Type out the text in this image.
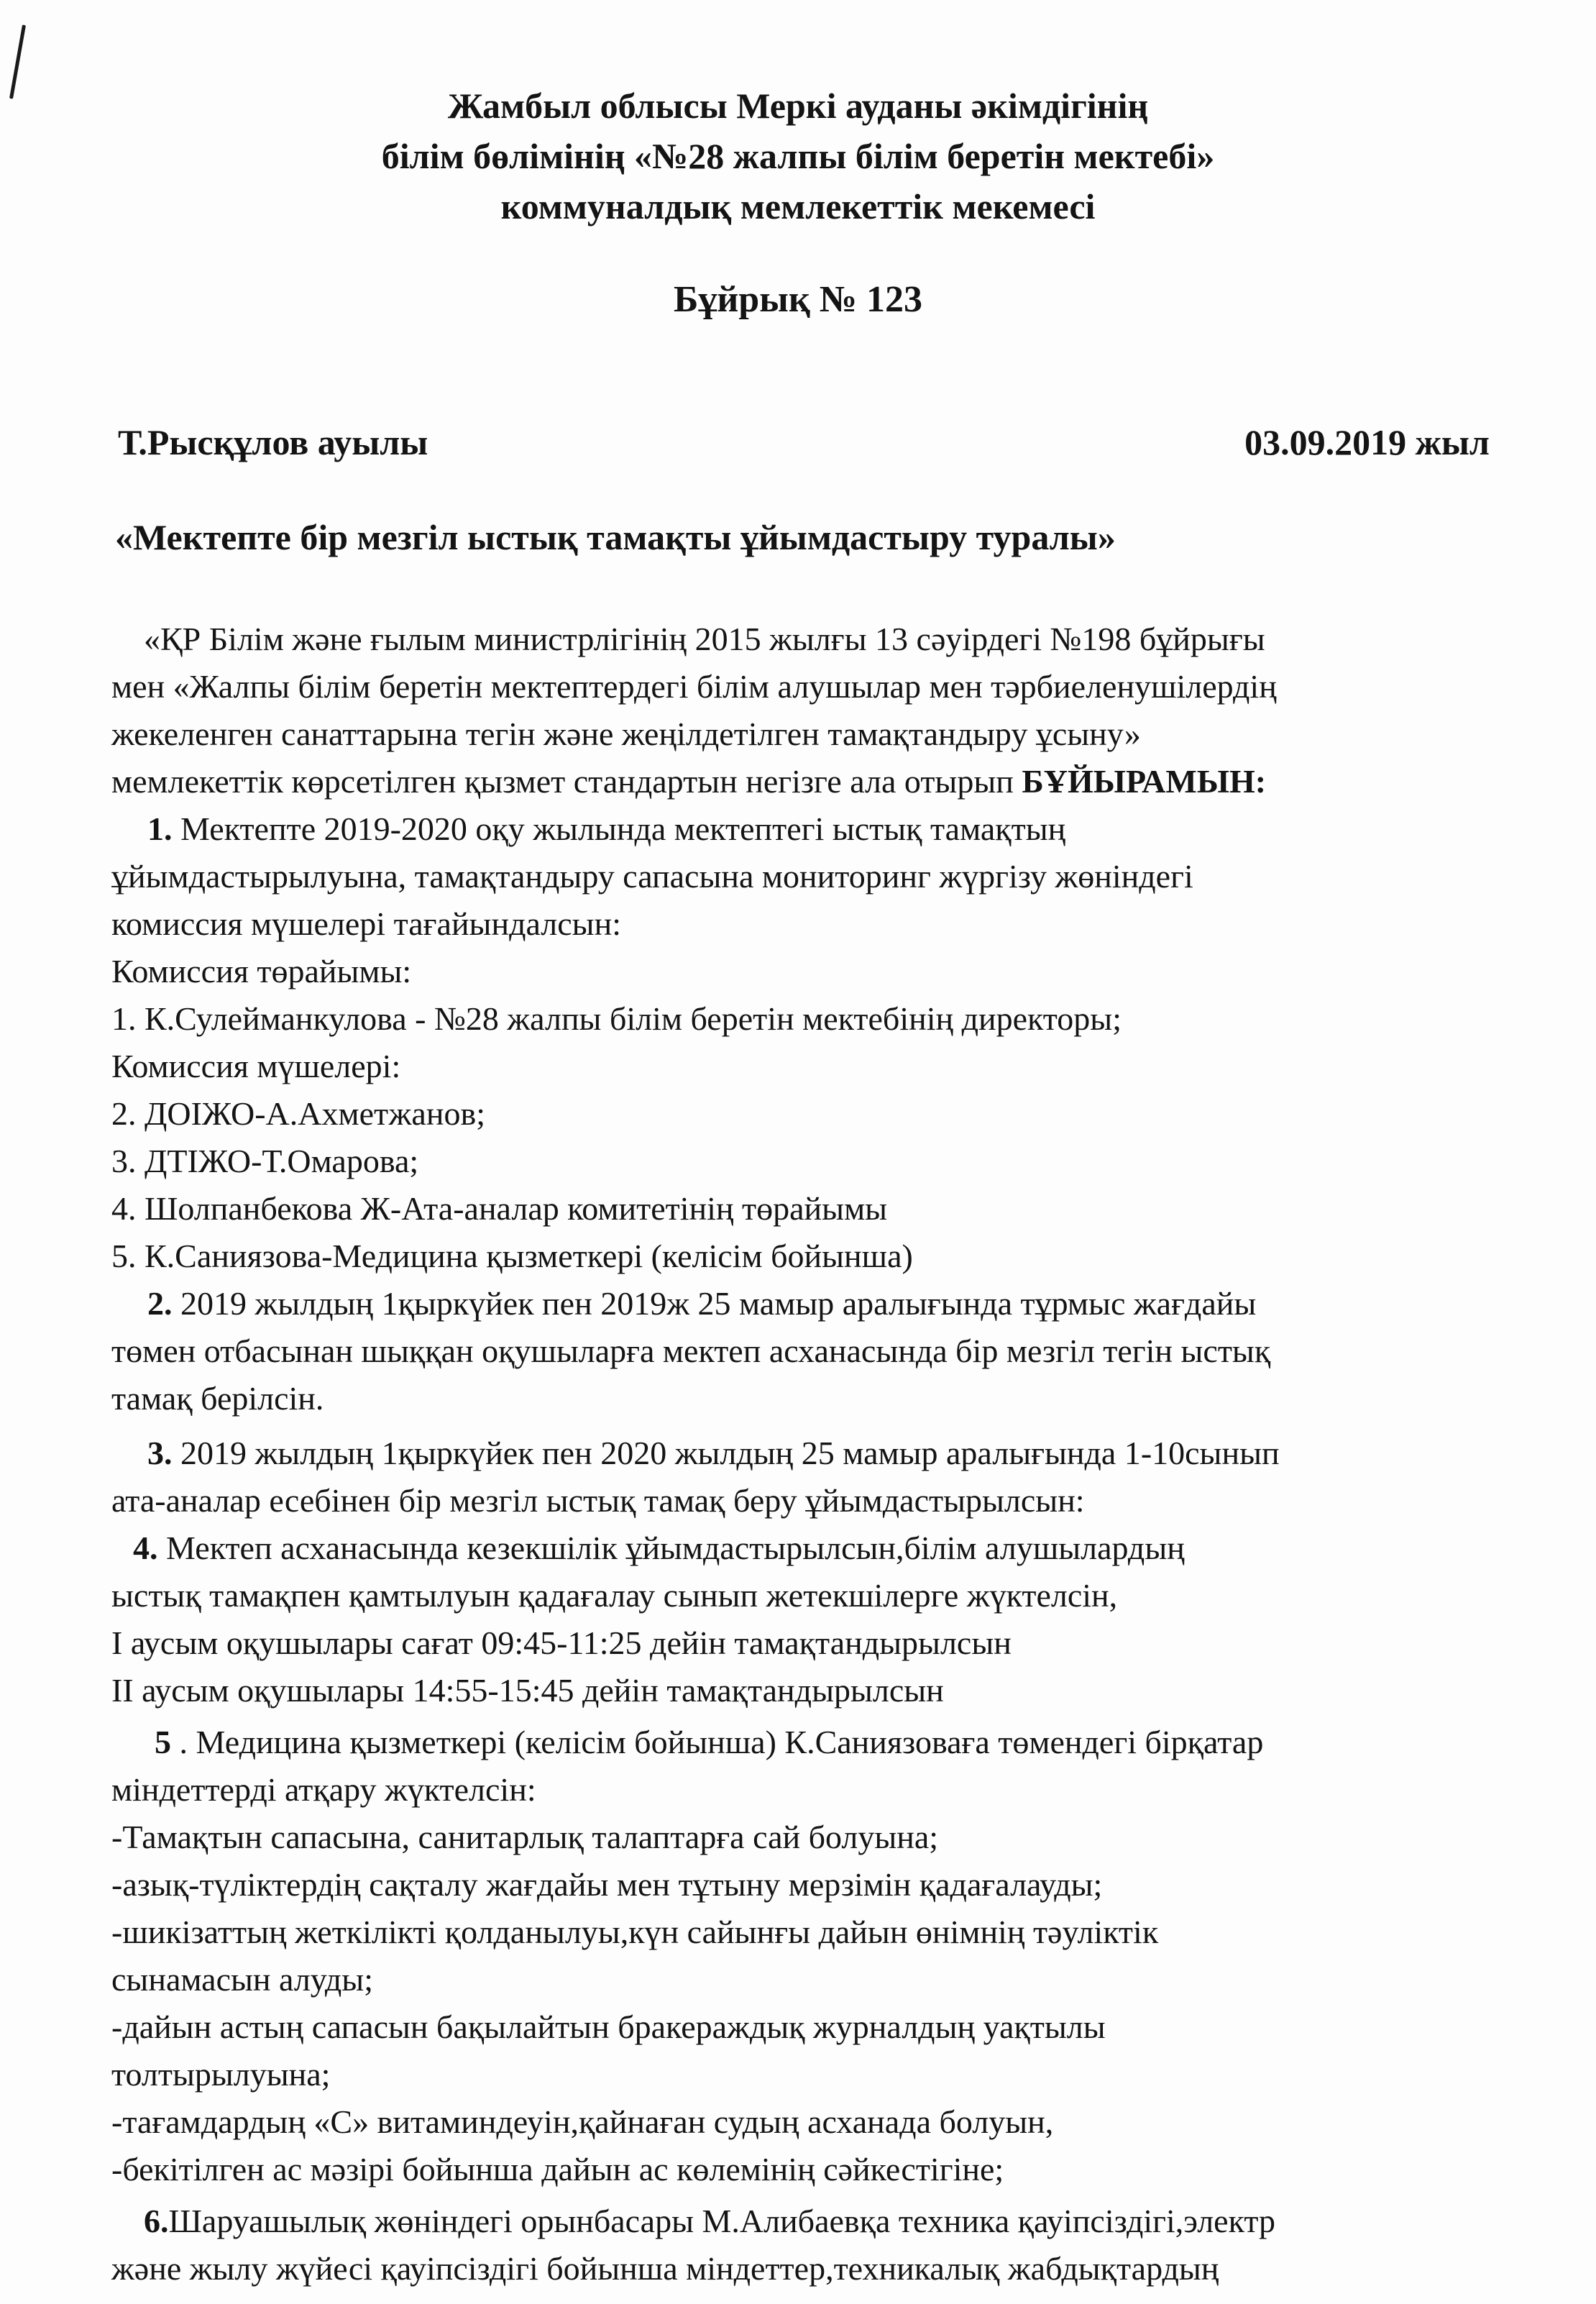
Жамбыл облысы Меркі ауданы әкімдігінің
білім бөлімінің «№28 жалпы білім беретін мектебі»
коммуналдық мемлекеттік мекемесі
Бұйрық № 123
Т.Рысқұлов ауылы	03.09.2019 жыл
«Мектепте бір мезгіл ыстық тамақты ұйымдастыру туралы»
«ҚР Білім және ғылым министрлігінің 2015 жылғы 13 сәуірдегі №198 бұйрығы
мен «Жалпы білім беретін мектептердегі білім алушылар мен тәрбиеленушілердің
жекеленген санаттарына тегін және жеңілдетілген тамақтандыру ұсыну»
мемлекеттік көрсетілген қызмет стандартын негізге ала отырып БҰЙЫРАМЫН:
1. Мектепте 2019-2020 оқу жылында мектептегі ыстық тамақтың
ұйымдастырылуына, тамақтандыру сапасына мониторинг жүргізу жөніндегі
комиссия мүшелері тағайындалсын:
Комиссия төрайымы:
1. К.Сулейманкулова - №28 жалпы білім беретін мектебінің директоры;
Комиссия мүшелері:
2. ДОІЖО-А.Ахметжанов;
3. ДТІЖО-Т.Омарова;
4. Шолпанбекова Ж-Ата-аналар комитетінің төрайымы
5. К.Саниязова-Медицина қызметкері (келісім бойынша)
2. 2019 жылдың 1қыркүйек пен 2019ж 25 мамыр аралығында тұрмыс жағдайы
төмен отбасынан шыққан оқушыларға мектеп асханасында бір мезгіл тегін ыстық
тамақ берілсін.
3. 2019 жылдың 1қыркүйек пен 2020 жылдың 25 мамыр аралығында 1-10сынып
ата-аналар есебінен бір мезгіл ыстық тамақ беру ұйымдастырылсын:
4. Мектеп асханасында кезекшілік ұйымдастырылсын,білім алушылардың
ыстық тамақпен қамтылуын қадағалау сынып жетекшілерге жүктелсін,
І аусым оқушылары сағат 09:45-11:25 дейін тамақтандырылсын
ІІ аусым оқушылары 14:55-15:45 дейін тамақтандырылсын
5 . Медицина қызметкері (келісім бойынша) К.Саниязоваға төмендегі бірқатар
міндеттерді атқару жүктелсін:
-Тамақтын сапасына, санитарлық талаптарға сай болуына;
-азық-түліктердің сақталу жағдайы мен тұтыну мерзімін қадағалауды;
-шикізаттың жеткілікті қолданылуы,күн сайынғы дайын өнімнің тәуліктік
сынамасын алуды;
-дайын астың сапасын бақылайтын бракераждық журналдың уақтылы
толтырылуына;
-тағамдардың «С» витаминдеуін,қайнаған судың асханада болуын,
-бекітілген ас мәзірі бойынша дайын ас көлемінің сәйкестігіне;
6.Шаруашылық жөніндегі орынбасары М.Алибаевқа техника қауіпсіздігі,электр
және жылу жүйесі қауіпсіздігі бойынша міндеттер,техникалық жабдықтардың
